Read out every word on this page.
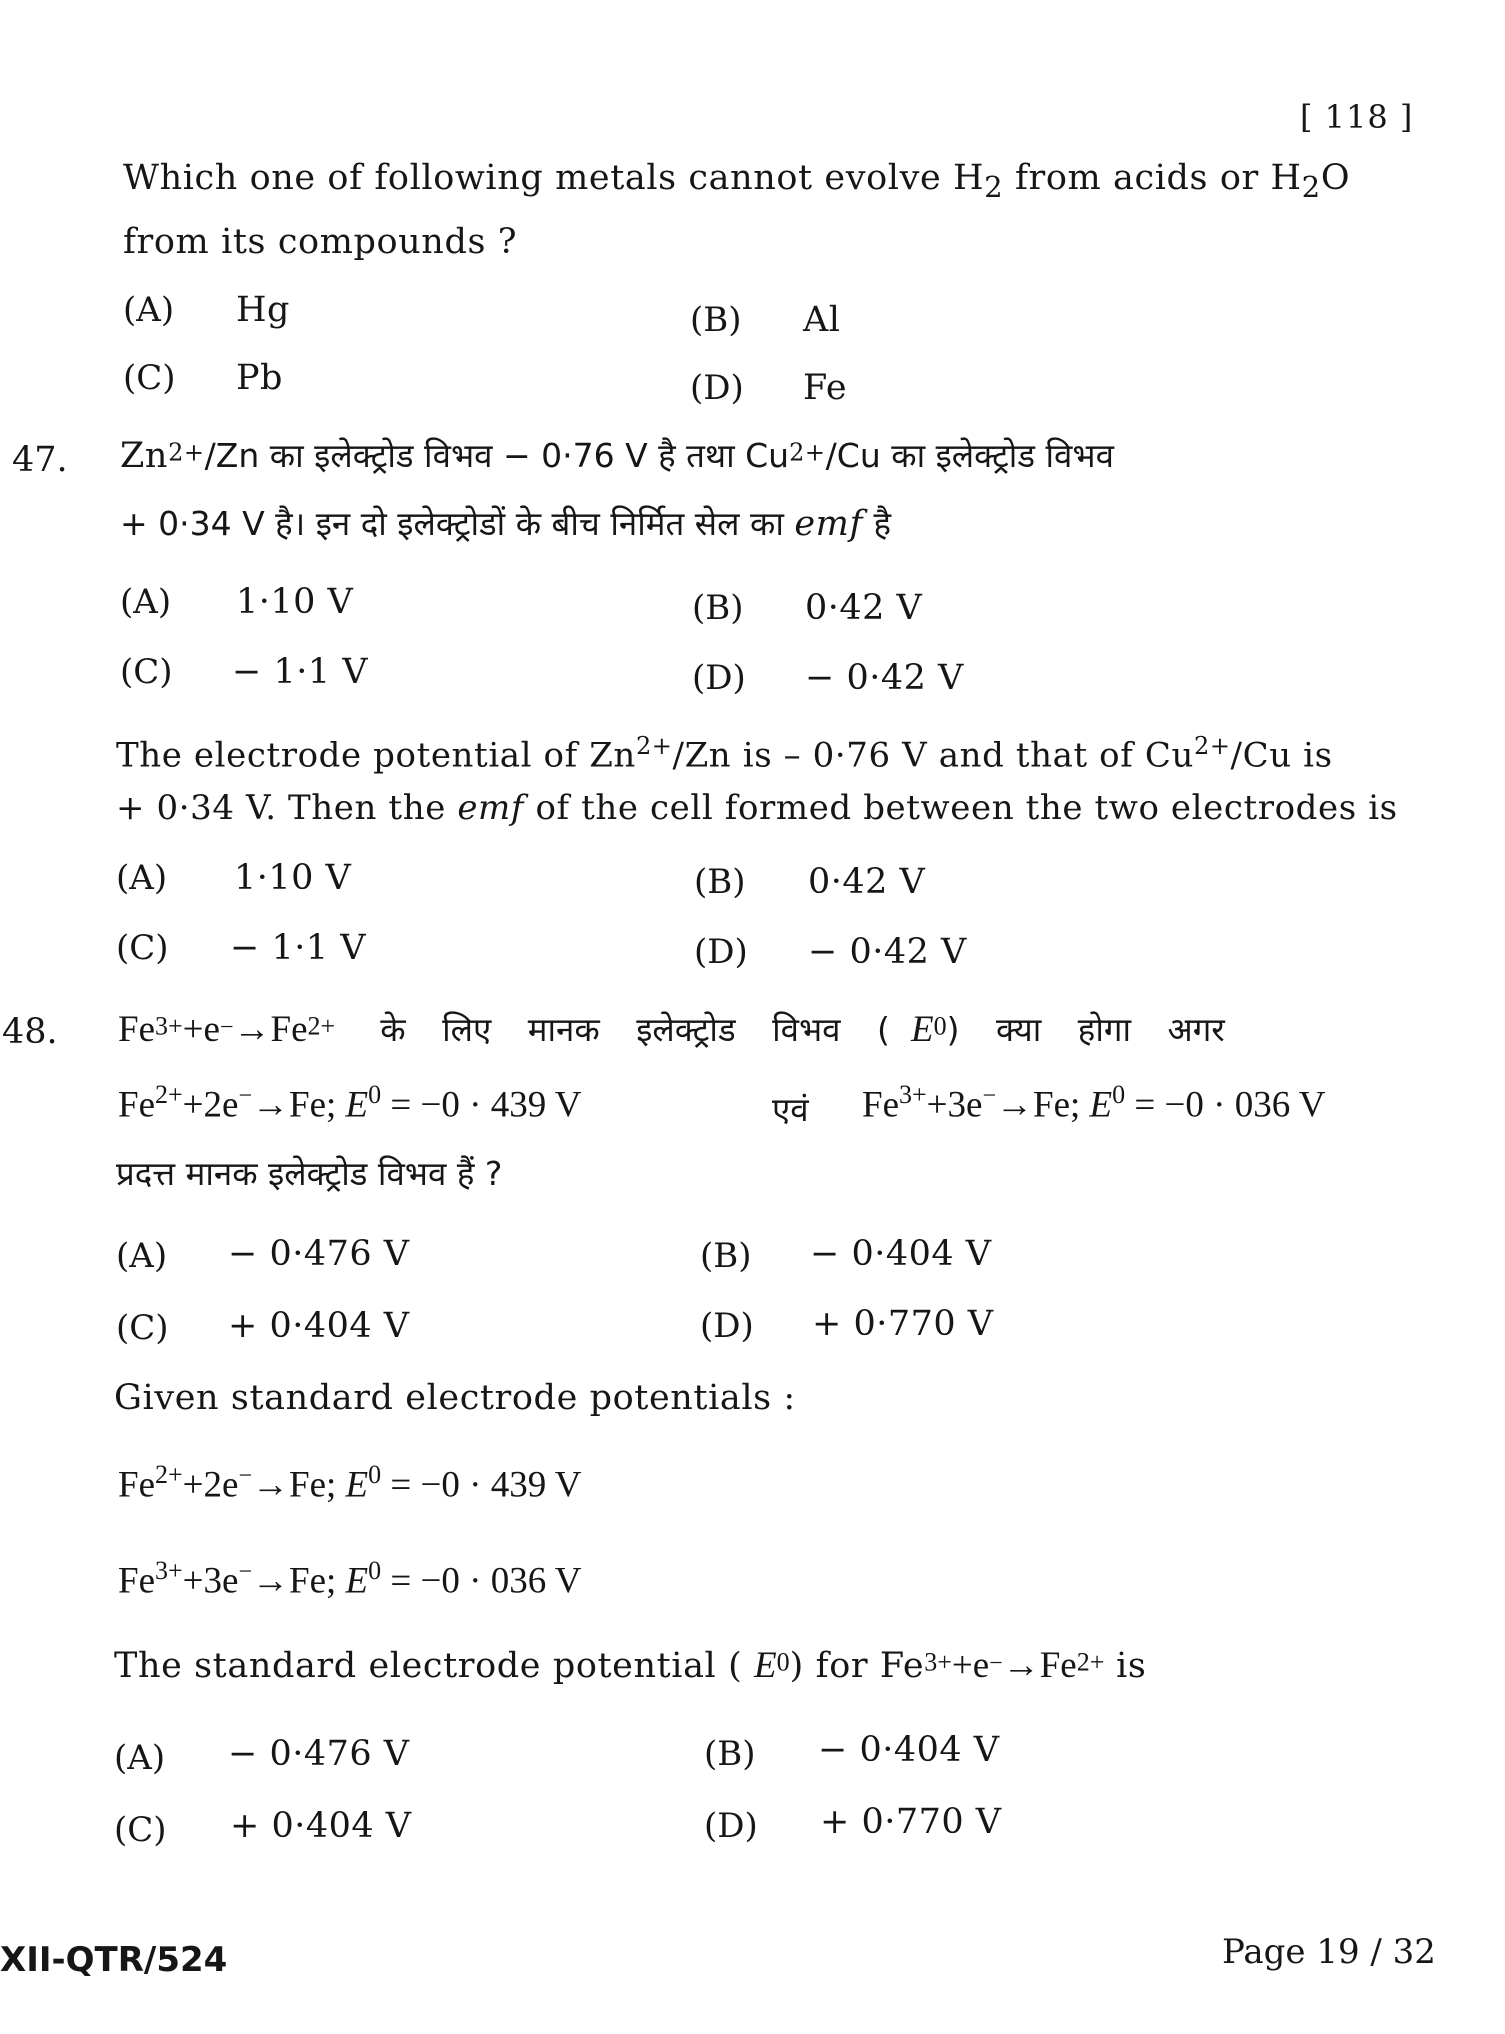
[ 118 ]
Which one of following metals cannot evolve $H_2$ from acids or $H_2O$
from its compounds ?
(A) Hg	(B) Al
(C) Pb	(D) Fe
47. $Zn^{2+}/Zn$ का इलेक्ट्रोड विभव − 0·76 V है तथा $Cu^{2+}/Cu$ का इलेक्ट्रोड विभव
+ 0·34 V है। इन दो इलेक्ट्रोडों के बीच निर्मित सेल का emf है
(A) 1·10 V	(B) 0·42 V
(C) − 1·1 V	(D) − 0·42 V
The electrode potential of $Zn^{2+}/Zn$ is – 0·76 V and that of $Cu^{2+}/Cu$ is
+ 0·34 V. Then the emf of the cell formed between the two electrodes is
(A) 1·10 V	(B) 0·42 V
(C) − 1·1 V	(D) − 0·42 V
48. $Fe^{3+}+e^-\to Fe^{2+}$ के लिए मानक इलेक्ट्रोड विभव ( $E^0$) क्या होगा अगर
$Fe^{2+}+2e^-\to Fe$; $E^0 = -0 \cdot 439$ V	एवं $Fe^{3+}+3e^-\to Fe$; $E^0 = -0 \cdot 036$ V
प्रदत्त मानक इलेक्ट्रोड विभव हैं ?
(A) − 0·476 V	(B) − 0·404 V
(C) + 0·404 V	(D) + 0·770 V
Given standard electrode potentials :
$Fe^{2+}+2e^-\to Fe$; $E^0 = -0 \cdot 439$ V
$Fe^{3+}+3e^-\to Fe$; $E^0 = -0 \cdot 036$ V
The standard electrode potential ( $E^0$) for $Fe^{3+}+e^-\to Fe^{2+}$ is
(A) − 0·476 V	(B) − 0·404 V
(C) + 0·404 V	(D) + 0·770 V
XII-QTR/524	Page 19 / 32
